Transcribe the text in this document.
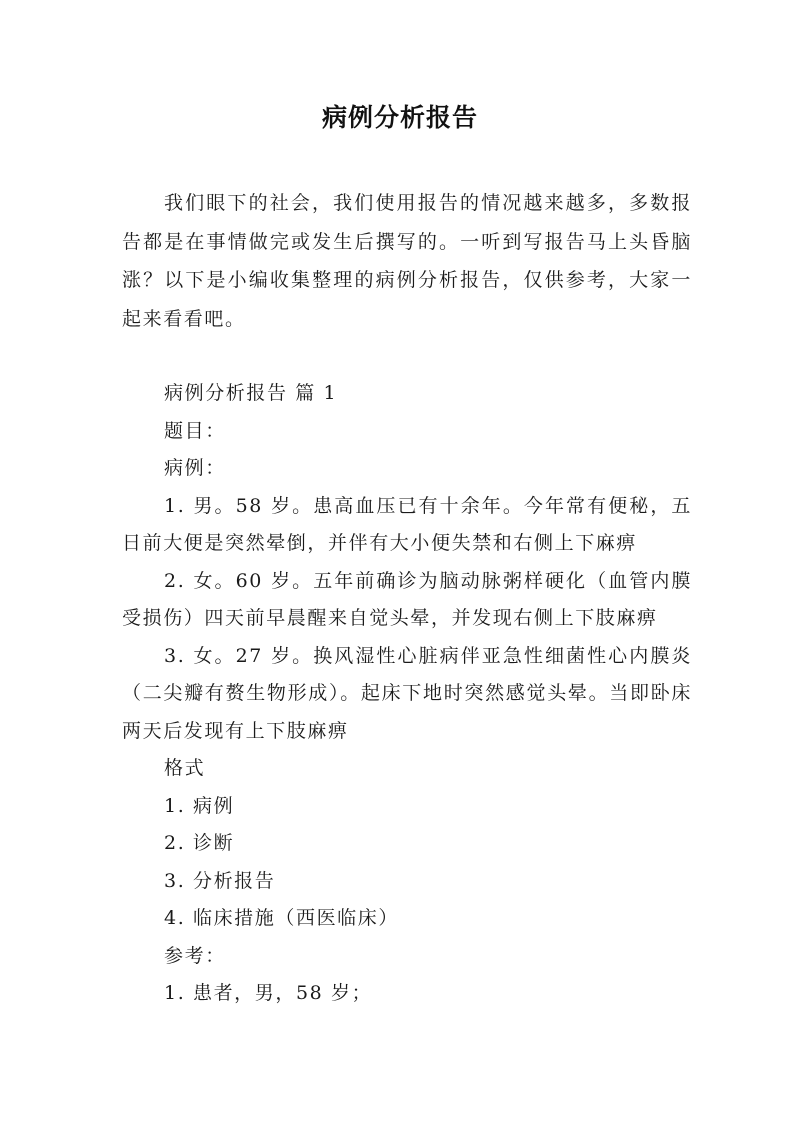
病例分析报告
我们眼下的社会，我们使用报告的情况越来越多，多数报告都是在事情做完或发生后撰写的。一听到写报告马上头昏脑涨？以下是小编收集整理的病例分析报告，仅供参考，大家一起来看看吧。
病例分析报告 篇 1
题目：
病例：
1. 男。58 岁。患高血压已有十余年。今年常有便秘，五日前大便是突然晕倒，并伴有大小便失禁和右侧上下麻痹
2. 女。60 岁。五年前确诊为脑动脉粥样硬化（血管内膜受损伤）四天前早晨醒来自觉头晕，并发现右侧上下肢麻痹
3. 女。27 岁。换风湿性心脏病伴亚急性细菌性心内膜炎（二尖瓣有赘生物形成）。起床下地时突然感觉头晕。当即卧床两天后发现有上下肢麻痹
格式
1. 病例
2. 诊断
3. 分析报告
4. 临床措施（西医临床）
参考：
1. 患者，男，58 岁；
